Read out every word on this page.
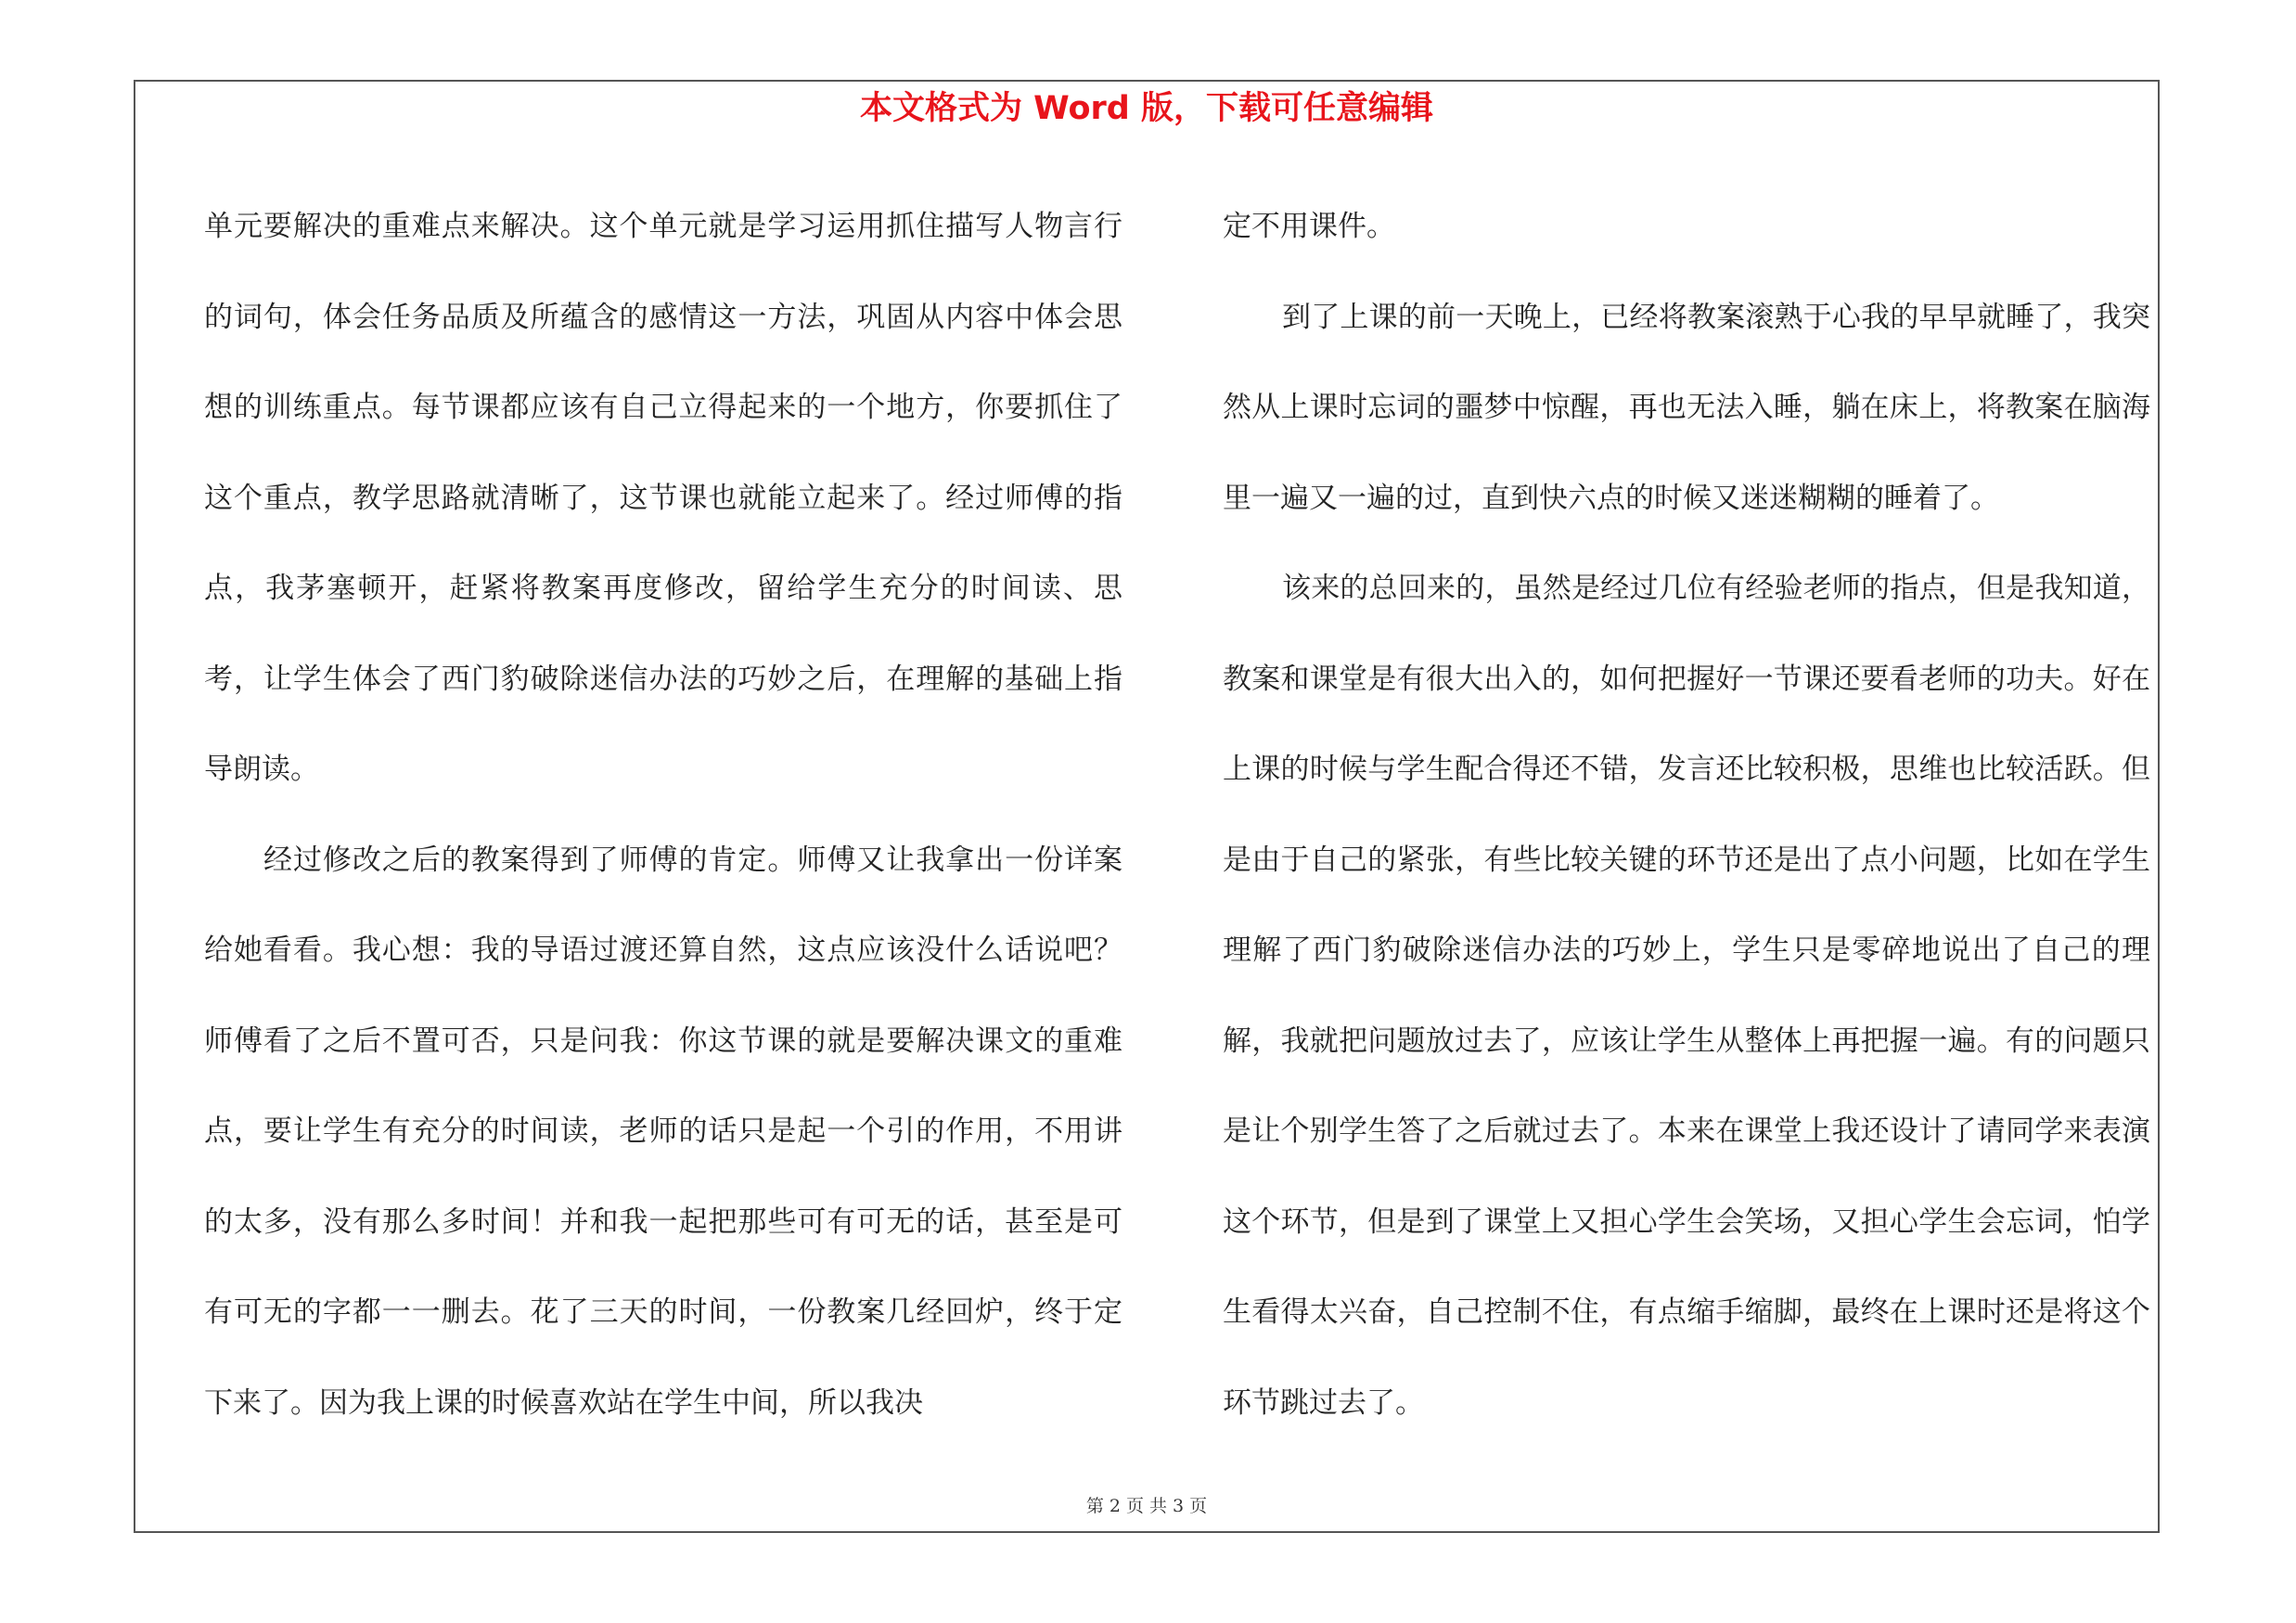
本文格式为 Word 版，下载可任意编辑

单元要解决的重难点来解决。这个单元就是学习运用抓住描写人物言行的词句，体会任务品质及所蕴含的感情这一方法，巩固从内容中体会思想的训练重点。每节课都应该有自己立得起来的一个地方，你要抓住了这个重点，教学思路就清晰了，这节课也就能立起来了。经过师傅的指点，我茅塞顿开，赶紧将教案再度修改，留给学生充分的时间读、思考，让学生体会了西门豹破除迷信办法的巧妙之后，在理解的基础上指导朗读。

经过修改之后的教案得到了师傅的肯定。师傅又让我拿出一份详案给她看看。我心想：我的导语过渡还算自然，这点应该没什么话说吧？师傅看了之后不置可否，只是问我：你这节课的就是要解决课文的重难点，要让学生有充分的时间读，老师的话只是起一个引的作用，不用讲的太多，没有那么多时间！并和我一起把那些可有可无的话，甚至是可有可无的字都一一删去。花了三天的时间，一份教案几经回炉，终于定下来了。因为我上课的时候喜欢站在学生中间，所以我决

定不用课件。

到了上课的前一天晚上，已经将教案滚熟于心我的早早就睡了，我突然从上课时忘词的噩梦中惊醒，再也无法入睡，躺在床上，将教案在脑海里一遍又一遍的过，直到快六点的时候又迷迷糊糊的睡着了。

该来的总回来的，虽然是经过几位有经验老师的指点，但是我知道，教案和课堂是有很大出入的，如何把握好一节课还要看老师的功夫。好在上课的时候与学生配合得还不错，发言还比较积极，思维也比较活跃。但是由于自己的紧张，有些比较关键的环节还是出了点小问题，比如在学生理解了西门豹破除迷信办法的巧妙上，学生只是零碎地说出了自己的理解，我就把问题放过去了，应该让学生从整体上再把握一遍。有的问题只是让个别学生答了之后就过去了。本来在课堂上我还设计了请同学来表演这个环节，但是到了课堂上又担心学生会笑场，又担心学生会忘词，怕学生看得太兴奋，自己控制不住，有点缩手缩脚，最终在上课时还是将这个环节跳过去了。

第 2 页 共 3 页
